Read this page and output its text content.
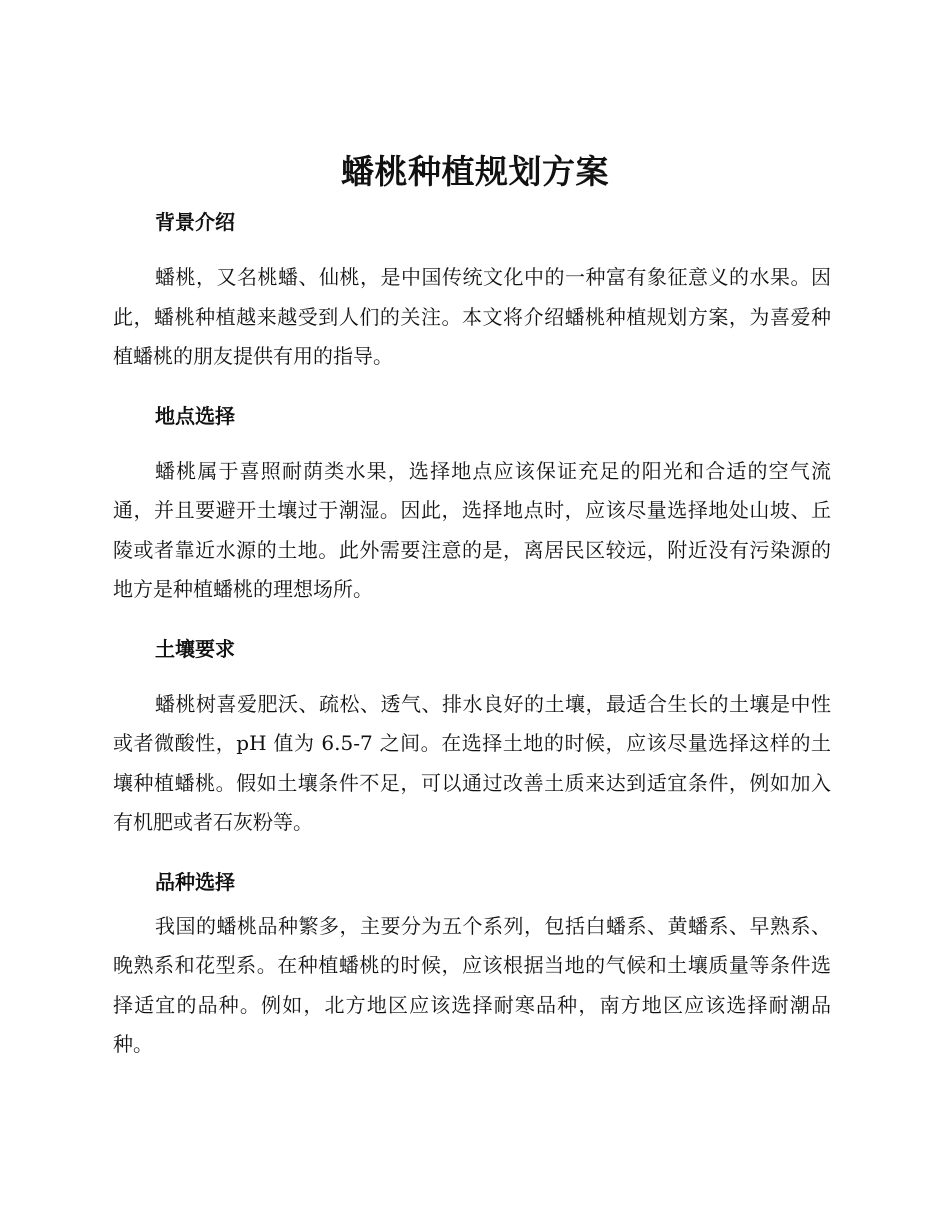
蟠桃种植规划方案
背景介绍

蟠桃，又名桃蟠、仙桃，是中国传统文化中的一种富有象征意义的水果。因此，蟠桃种植越来越受到人们的关注。本文将介绍蟠桃种植规划方案，为喜爱种植蟠桃的朋友提供有用的指导。

地点选择

蟠桃属于喜照耐荫类水果，选择地点应该保证充足的阳光和合适的空气流通，并且要避开土壤过于潮湿。因此，选择地点时，应该尽量选择地处山坡、丘陵或者靠近水源的土地。此外需要注意的是，离居民区较远，附近没有污染源的地方是种植蟠桃的理想场所。

土壤要求

蟠桃树喜爱肥沃、疏松、透气、排水良好的土壤，最适合生长的土壤是中性或者微酸性，pH 值为 6.5-7 之间。在选择土地的时候，应该尽量选择这样的土壤种植蟠桃。假如土壤条件不足，可以通过改善土质来达到适宜条件，例如加入有机肥或者石灰粉等。

品种选择

我国的蟠桃品种繁多，主要分为五个系列，包括白蟠系、黄蟠系、早熟系、晚熟系和花型系。在种植蟠桃的时候，应该根据当地的气候和土壤质量等条件选择适宜的品种。例如，北方地区应该选择耐寒品种，南方地区应该选择耐潮品种。
